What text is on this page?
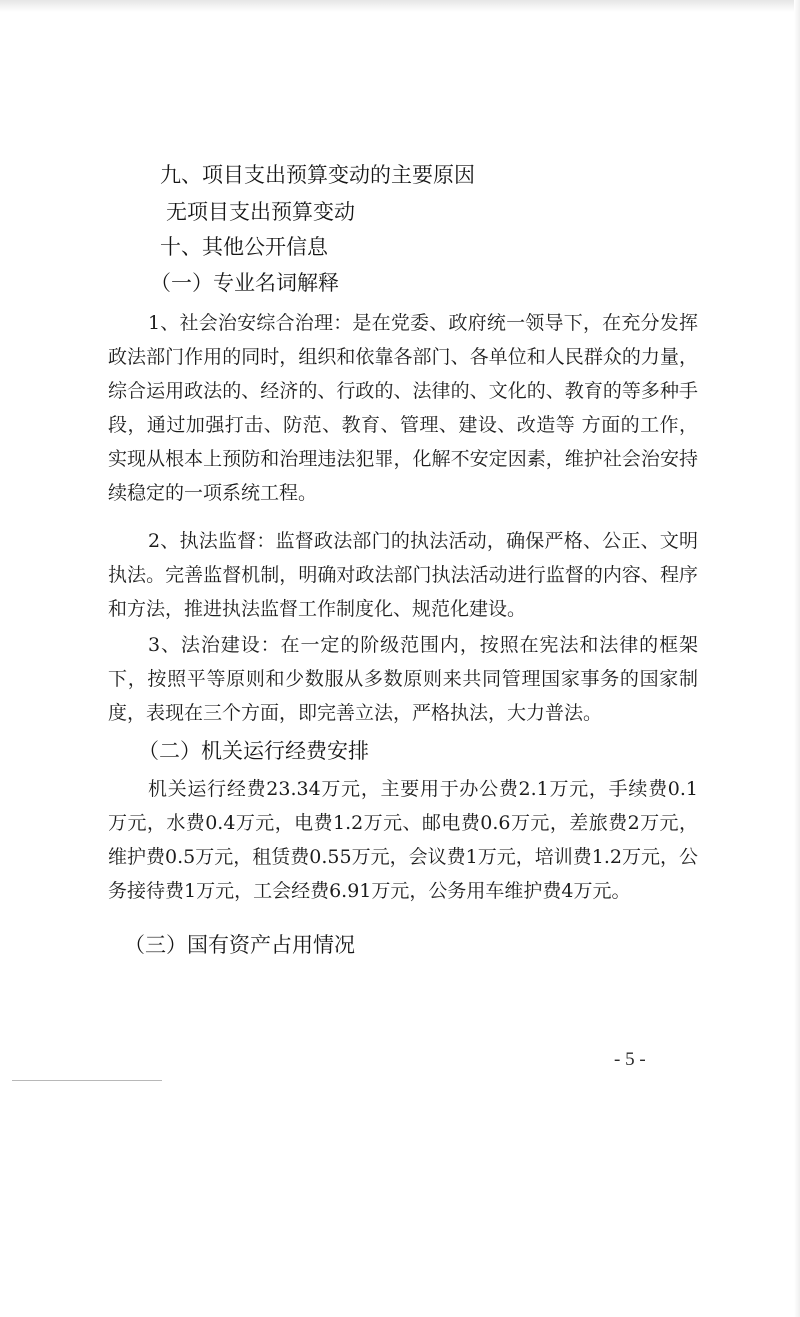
九、项目支出预算变动的主要原因
无项目支出预算变动
十、其他公开信息
（一）专业名词解释
1、社会治安综合治理：是在党委、政府统一领导下，在充分发挥政法部门作用的同时，组织和依靠各部门、各单位和人民群众的力量，综合运用政法的、经济的、行政的、法律的、文化的、教育的等多种手段，通过加强打击、防范、教育、管理、建设、改造等 方面的工作，实现从根本上预防和治理违法犯罪，化解不安定因素，维护社会治安持续稳定的一项系统工程。
2、执法监督：监督政法部门的执法活动，确保严格、公正、文明执法。完善监督机制，明确对政法部门执法活动进行监督的内容、程序和方法，推进执法监督工作制度化、规范化建设。
3、法治建设：在一定的阶级范围内，按照在宪法和法律的框架下，按照平等原则和少数服从多数原则来共同管理国家事务的国家制度，表现在三个方面，即完善立法，严格执法，大力普法。
（二）机关运行经费安排
机关运行经费23.34万元，主要用于办公费2.1万元，手续费0.1万元，水费0.4万元，电费1.2万元、邮电费0.6万元，差旅费2万元，维护费0.5万元，租赁费0.55万元，会议费1万元，培训费1.2万元，公务接待费1万元，工会经费6.91万元，公务用车维护费4万元。
（三）国有资产占用情况
- 5 -
